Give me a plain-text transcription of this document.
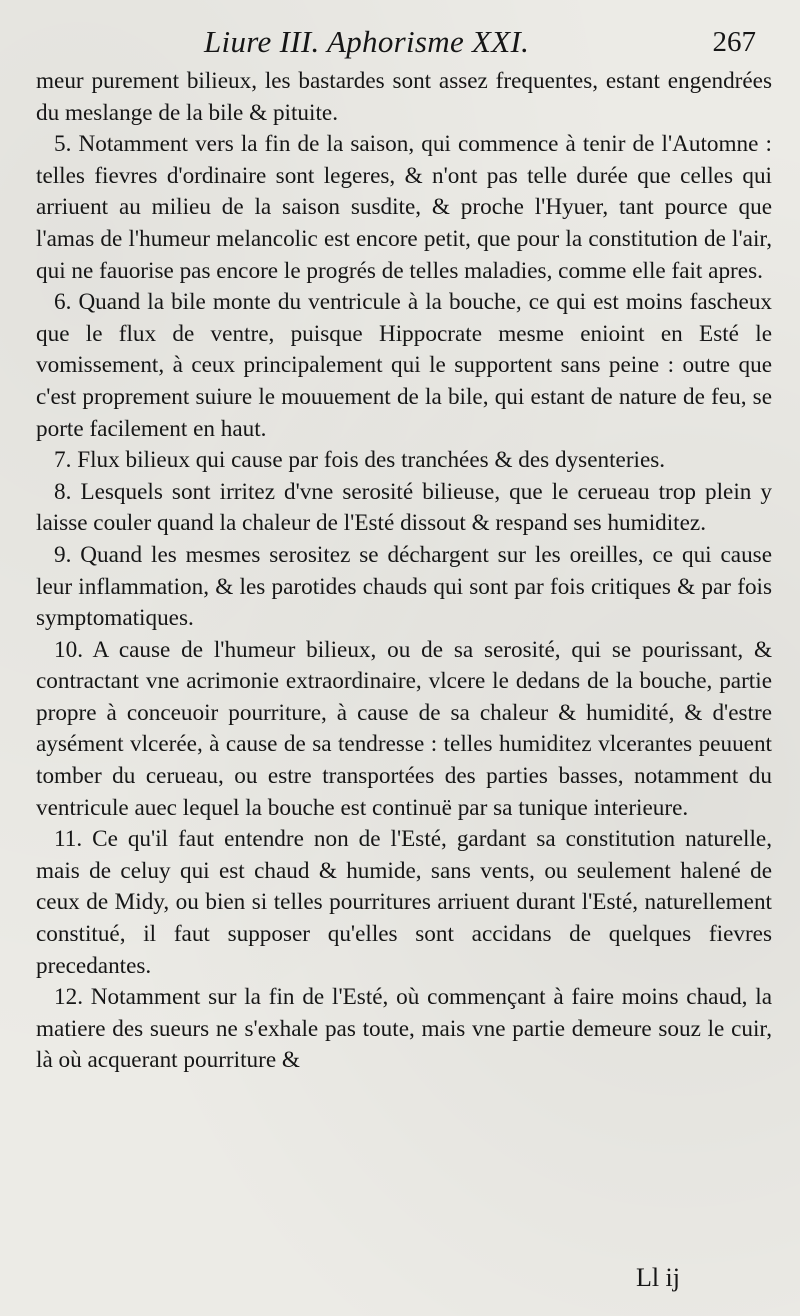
Liure III. Aphorisme XXI.	267

meur purement bilieux, les bastardes sont assez frequentes, estant engendrées du meslange de la bile & pituite.

5. Notamment vers la fin de la saison, qui commence à tenir de l'Automne : telles fievres d'ordinaire sont legeres, & n'ont pas telle durée que celles qui arriuent au milieu de la saison susdite, & proche l'Hyuer, tant pource que l'amas de l'humeur melancolic est encore petit, que pour la constitution de l'air, qui ne fauorise pas encore le progrés de telles maladies, comme elle fait apres.

6. Quand la bile monte du ventricule à la bouche, ce qui est moins fascheux que le flux de ventre, puisque Hippocrate mesme enioint en Esté le vomissement, à ceux principalement qui le supportent sans peine : outre que c'est proprement suiure le mouuement de la bile, qui estant de nature de feu, se porte facilement en haut.

7. Flux bilieux qui cause par fois des tranchées & des dysenteries.

8. Lesquels sont irritez d'vne serosité bilieuse, que le cerueau trop plein y laisse couler quand la chaleur de l'Esté dissout & respand ses humiditez.

9. Quand les mesmes serositez se déchargent sur les oreilles, ce qui cause leur inflammation, & les parotides chauds qui sont par fois critiques & par fois symptomatiques.

10. A cause de l'humeur bilieux, ou de sa serosité, qui se pourissant, & contractant vne acrimonie extraordinaire, vlcere le dedans de la bouche, partie propre à conceuoir pourriture, à cause de sa chaleur & humidité, & d'estre aysément vlcerée, à cause de sa tendresse : telles humiditez vlcerantes peuuent tomber du cerueau, ou estre transportées des parties basses, notamment du ventricule auec lequel la bouche est continuë par sa tunique interieure.

11. Ce qu'il faut entendre non de l'Esté, gardant sa constitution naturelle, mais de celuy qui est chaud & humide, sans vents, ou seulement halené de ceux de Midy, ou bien si telles pourritures arriuent durant l'Esté, naturellement constitué, il faut supposer qu'elles sont accidans de quelques fievres precedantes.

12. Notamment sur la fin de l'Esté, où commençant à faire moins chaud, la matiere des sueurs ne s'exhale pas toute, mais vne partie demeure souz le cuir, là où acquerant pourriture &

Ll ij
